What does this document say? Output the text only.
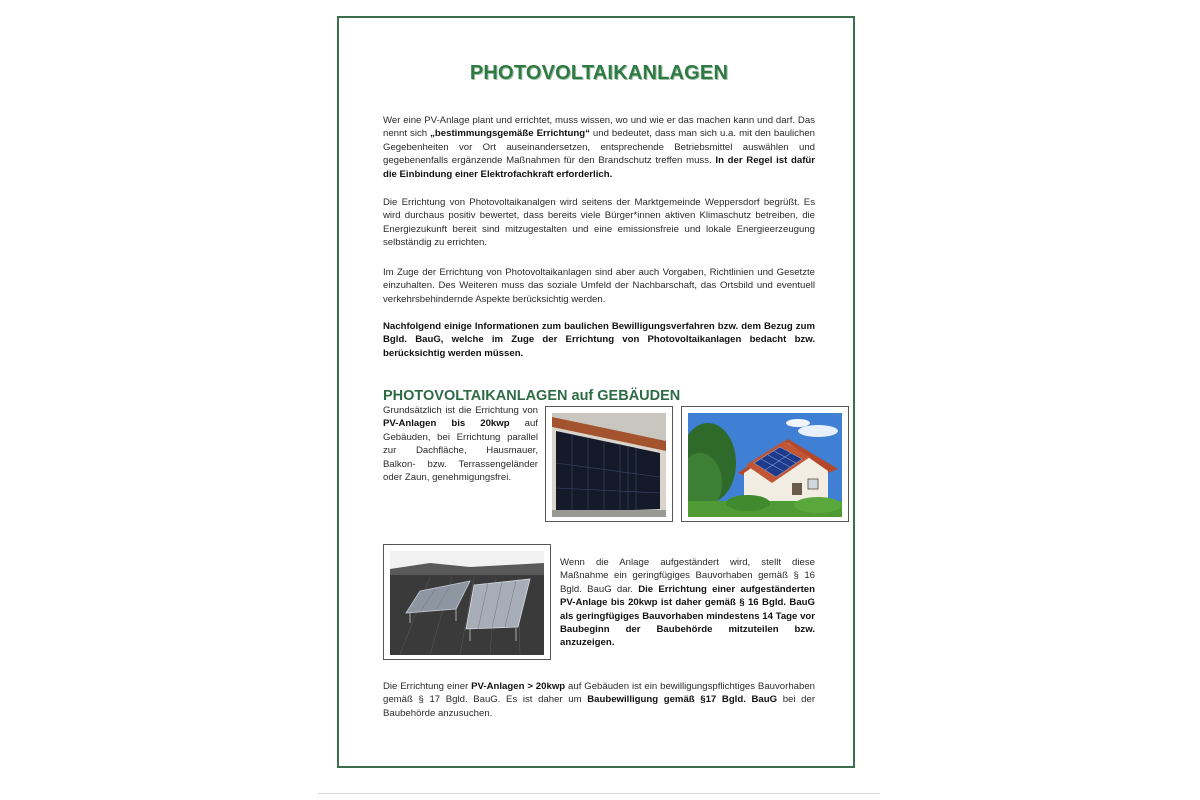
PHOTOVOLTAIKANLAGEN

Wer eine PV-Anlage plant und errichtet, muss wissen, wo und wie er das machen kann und darf. Das nennt sich „bestimmungsgemäße Errichtung“ und bedeutet, dass man sich u.a. mit den baulichen Gegebenheiten vor Ort auseinandersetzen, entsprechende Betriebsmittel auswählen und gegebenenfalls ergänzende Maßnahmen für den Brandschutz treffen muss. In der Regel ist dafür die Einbindung einer Elektrofachkraft erforderlich.

Die Errichtung von Photovoltaikanalgen wird seitens der Marktgemeinde Weppersdorf begrüßt. Es wird durchaus positiv bewertet, dass bereits viele Bürger*innen aktiven Klimaschutz betreiben, die Energiezukunft bereit sind mitzugestalten und eine emissionsfreie und lokale Energieerzeugung selbständig zu errichten.

Im Zuge der Errichtung von Photovoltaikanlagen sind aber auch Vorgaben, Richtlinien und Gesetzte einzuhalten. Des Weiteren muss das soziale Umfeld der Nachbarschaft, das Ortsbild und eventuell verkehrsbehindernde Aspekte berücksichtig werden.

Nachfolgend einige Informationen zum baulichen Bewilligungsverfahren bzw. dem Bezug zum Bgld. BauG, welche im Zuge der Errichtung von Photovoltaikanlagen bedacht bzw. berücksichtig werden müssen.

PHOTOVOLTAIKANLAGEN auf GEBÄUDEN

Grundsätzlich ist die Errichtung von PV-Anlagen bis 20kwp auf Gebäuden, bei Errichtung parallel zur Dachfläche, Hausmauer, Balkon- bzw. Terrassengeländer oder Zaun, genehmigungsfrei.

Wenn die Anlage aufgeständert wird, stellt diese Maßnahme ein geringfügiges Bauvorhaben gemäß § 16 Bgld. BauG dar. Die Errichtung einer aufgeständerten PV-Anlage bis 20kwp ist daher gemäß § 16 Bgld. BauG als geringfügiges Bauvorhaben mindestens 14 Tage vor Baubeginn der Baubehörde mitzuteilen bzw. anzuzeigen.

Die Errichtung einer PV-Anlagen > 20kwp auf Gebäuden ist ein bewilligungspflichtiges Bauvorhaben gemäß § 17 Bgld. BauG. Es ist daher um Baubewilligung gemäß §17 Bgld. BauG bei der Baubehörde anzusuchen.
